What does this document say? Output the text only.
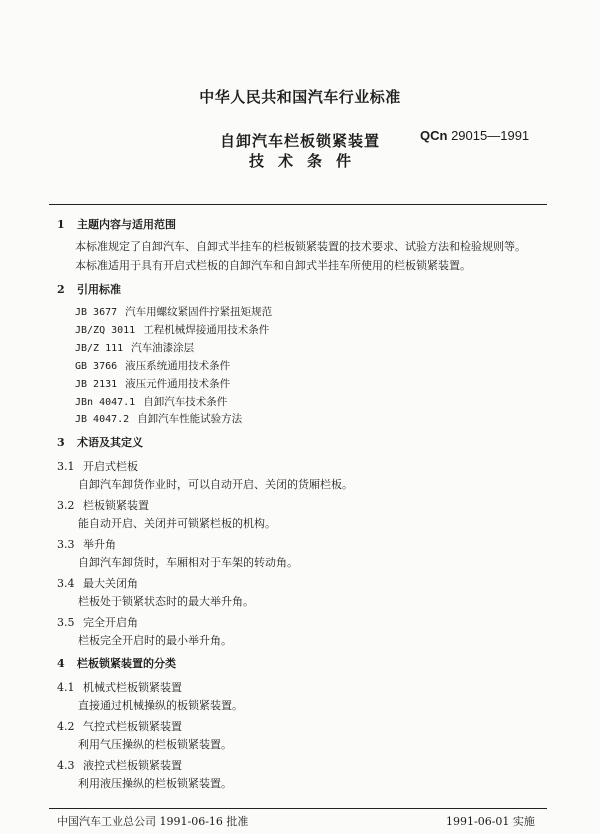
中华人民共和国汽车行业标准
自卸汽车栏板锁紧装置
技术条件
QCn 29015—1991
1 主题内容与适用范围
本标准规定了自卸汽车、自卸式半挂车的栏板锁紧装置的技术要求、试验方法和检验规则等。
本标准适用于具有开启式栏板的自卸汽车和自卸式半挂车所使用的栏板锁紧装置。
2 引用标准
JB 3677 汽车用螺纹紧固件拧紧扭矩规范
JB/ZQ 3011 工程机械焊接通用技术条件
JB/Z 111 汽车油漆涂层
GB 3766 液压系统通用技术条件
JB 2131 液压元件通用技术条件
JBn 4047.1 自卸汽车技术条件
JB 4047.2 自卸汽车性能试验方法
3 术语及其定义
3.1 开启式栏板
自卸汽车卸货作业时，可以自动开启、关闭的货厢栏板。
3.2 栏板锁紧装置
能自动开启、关闭并可锁紧栏板的机构。
3.3 举升角
自卸汽车卸货时，车厢相对于车架的转动角。
3.4 最大关闭角
栏板处于锁紧状态时的最大举升角。
3.5 完全开启角
栏板完全开启时的最小举升角。
4 栏板锁紧装置的分类
4.1 机械式栏板锁紧装置
直接通过机械操纵的板锁紧装置。
4.2 气控式栏板锁紧装置
利用气压操纵的栏板锁紧装置。
4.3 液控式栏板锁紧装置
利用液压操纵的栏板锁紧装置。
中国汽车工业总公司 1991-06-16 批准	1991-06-01 实施
